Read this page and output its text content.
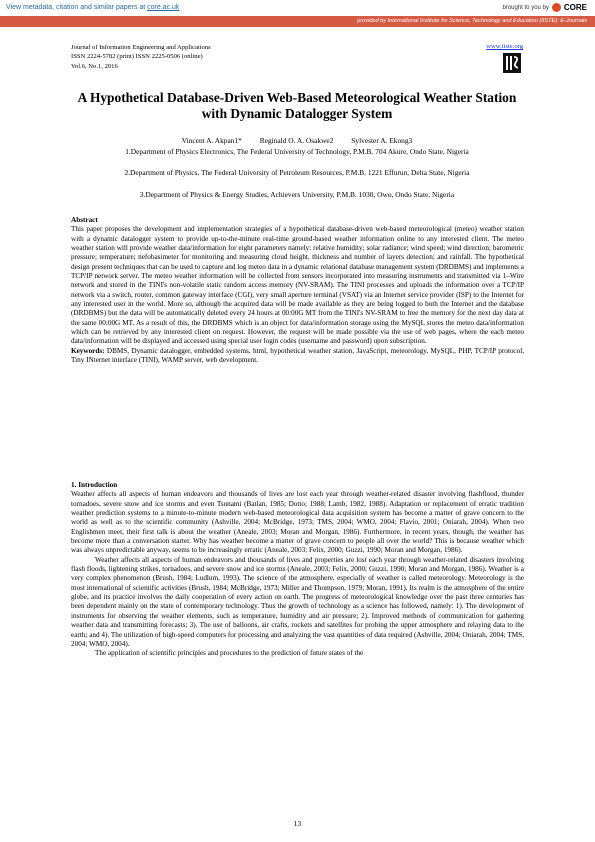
View metadata, citation and similar papers at core.ac.uk	brought to you by CORE
provided by International Institute for Science, Technology and Education (IISTE): E-Journals
Journal of Information Engineering and Applications
ISSN 2224-5782 (print) ISSN 2225-0506 (online)
Vol.6, No.1, 2016
www.iiste.org
A Hypothetical Database-Driven Web-Based Meteorological Weather Station with Dynamic Datalogger System
Vincent A. Akpan1* Reginald O. A. Osakwe2 Sylvester A. Ekong3
1.Department of Physics Electronics, The Federal University of Technology, P.M.B. 704 Akure, Ondo State, Nigeria
2.Department of Physics, The Federal University of Petroleum Resources, P.M.B. 1221 Effurun, Delta State, Nigeria
3.Department of Physics & Energy Studies, Achievers University, P.M.B. 1030, Owo, Ondo State, Nigeria
Abstract
This paper proposes the development and implementation strategies of a hypothetical database-driven web-based meteorological (meteo) weather station with a dynamic datalogger system to provide up-to-the-minute real-time ground-based weather information online to any interested client. The meteo weather station will provide weather data/information for eight parameters namely: relative humidity; solar radiance; wind speed; wind direction; barometric pressure; temperature; nefobasimeter for monitoring and measuring cloud height, thickness and number of layers detection; and rainfall. The hypothetical design present techniques that can be used to capture and log meteo data in a dynamic relational database management system (DRDBMS) and implements a TCP/IP network server. The meteo weather information will be collected from sensors incorporated into measuring instruments and transmitted via 1–Wire network and stored in the TINI's non-volatile static random access memory (NV-SRAM). The TINI processes and uploads the information over a TCP/IP network via a switch, router, common gateway interface (CGI), very small aperture terminal (VSAT) via an Internet service provider (ISP) to the Internet for any interested user in the world. More so, although the acquired data will be made available as they are being logged to both the Internet and the database (DRDBMS) but the data will be automatically deleted every 24 hours at 00:00G MT from the TINI's NV-SRAM to free the memory for the next day data at the same 00:00G MT. As a result of this, the DRDBMS which is an object for data/information storage using the MySQL stores the meteo data/information which can be retrieved by any interested client on request. However, the request will be made possible via the use of web pages, where the each meteo data/information will be displayed and accessed using special user login codes (username and password) upon subscription.
Keywords: DBMS, Dynamic datalogger, embedded systems, html, hypothetical weather station, JavaScript, meteorology, MySQL, PHP, TCP/IP protocol, Tiny INternet interface (TINI), WAMP server, web development.
1. Introduction
Weather affects all aspects of human endeavors and thousands of lives are lost each year through weather-related disaster involving flashflood, thunder tornadoes, severe snow and ice storms and even Tsunami (Batlan, 1985; Dotto; 1988; Lamb, 1982, 1988). Adaptation or replacement of erratic tradition weather prediction systems to a minute-to-minute modern web-based meteorological data acquisition system has become a matter of grave concern to the world as well as to the scientific community (Ashville, 2004; McBridge, 1973; TMS, 2004; WMO, 2004; Flavio, 2001; Oniarah, 2004). When two Englishmen meet, their first talk is about the weather (Aneale, 2003; Moran and Morgan, 1986). Furthermore, in recent years, though, the weather has become more than a conversation starter. Why has weather become a matter of grave concern to people all over the world? This is because weather which was always unpredictable anyway, seems to be increasingly erratic (Aneale, 2003; Felix, 2000; Guzzi, 1990; Moran and Morgan, 1986).
Weather affects all aspects of human endeavors and thousands of lives and properties are lost each year through weather-related disasters involving flash floods, lightening strikes, tornadoes, and severe snow and ice storms (Aneale, 2003; Felix, 2000; Guzzi, 1990; Moran and Morgan, 1986). Weather is a very complex phenomenon (Brush, 1984; Ludlum, 1993). The science of the atmosphere, especially of weather is called meteorology. Meteorology is the most international of scientific activities (Brush, 1984; McBridge, 1973; Miller and Thompson, 1979; Moran, 1991). Its realm is the atmosphere of the entire globe, and its practice involves the daily cooperation of every action on earth. The progress of meteorological knowledge over the past three centuries has been dependent mainly on the state of contemporary technology. Thus the growth of technology as a science has followed, namely: 1). The development of instruments for observing the weather elements, such as temperature, humidity and air pressure; 2). Improved methods of communication for gathering weather data and transmitting forecasts; 3). The use of balloons, air crafts, rockets and satellites for probing the upper atmosphere and relaying data to the earth; and 4). The utilization of high-speed computers for processing and analyzing the vast quantities of data required (Ashville, 2004; Oniarah, 2004; TMS, 2004; WMO, 2004).
The application of scientific principles and procedures to the prediction of future states of the
13
